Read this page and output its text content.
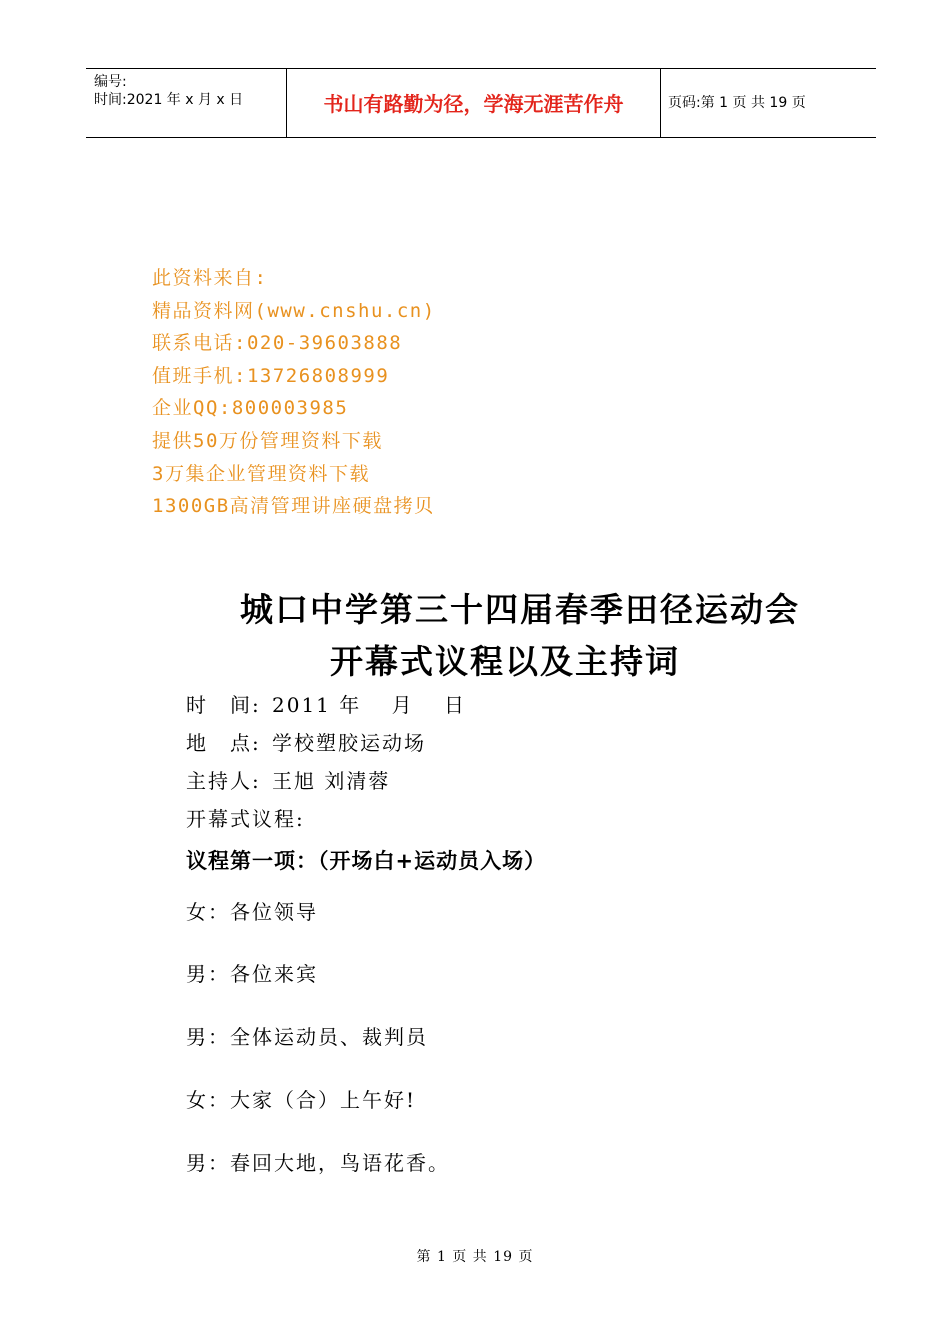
编号:
时间:2021 年 x 月 x 日	书山有路勤为径，学海无涯苦作舟	页码:第 1 页 共 19 页
此资料来自:
精品资料网(www.cnshu.cn)
联系电话:020-39603888
值班手机:13726808999
企业QQ:800003985
提供50万份管理资料下载
3万集企业管理资料下载
1300GB高清管理讲座硬盘拷贝
城口中学第三十四届春季田径运动会
开幕式议程以及主持词
时　间: 2011 年　 月　 日
地　点: 学校塑胶运动场
主持人: 王旭 刘清蓉
开幕式议程:
议程第一项：（开场白+运动员入场）
女：各位领导
男：各位来宾
男：全体运动员、裁判员
女：大家（合）上午好!
男：春回大地，鸟语花香。
第 1 页 共 19 页
